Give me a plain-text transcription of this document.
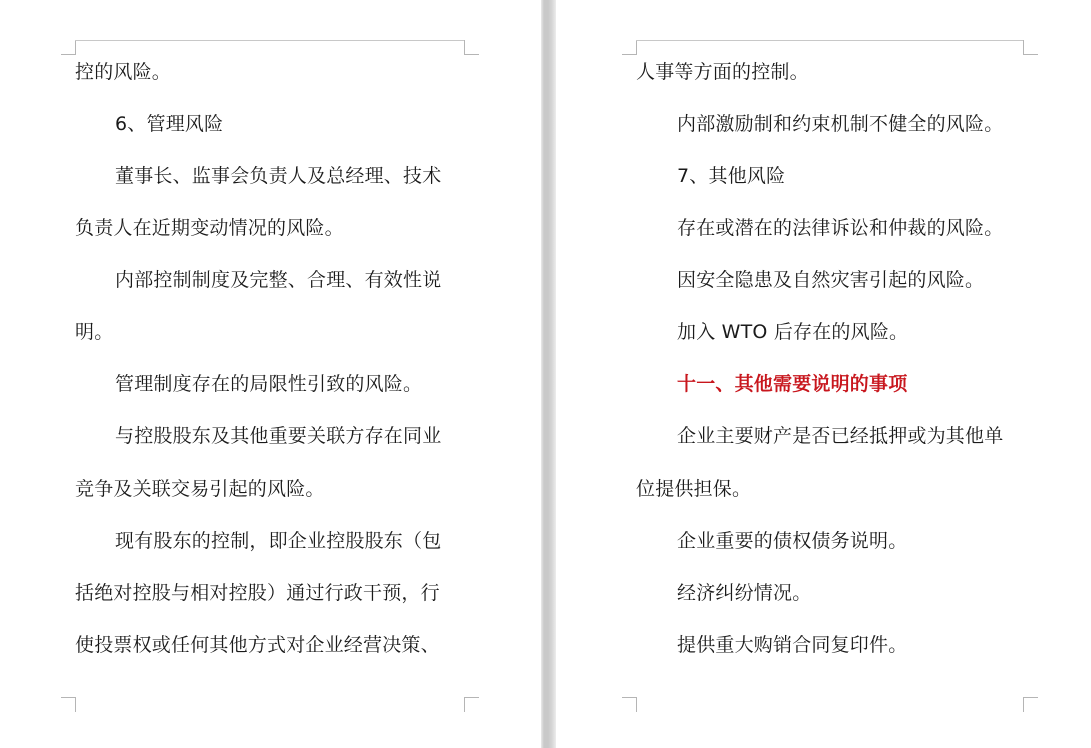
控的风险。
6、管理风险
董事长、监事会负责人及总经理、技术
负责人在近期变动情况的风险。
内部控制制度及完整、合理、有效性说
明。
管理制度存在的局限性引致的风险。
与控股股东及其他重要关联方存在同业
竞争及关联交易引起的风险。
现有股东的控制，即企业控股股东（包
括绝对控股与相对控股）通过行政干预，行
使投票权或任何其他方式对企业经营决策、
人事等方面的控制。
内部激励制和约束机制不健全的风险。
7、其他风险
存在或潜在的法律诉讼和仲裁的风险。
因安全隐患及自然灾害引起的风险。
加入 WTO 后存在的风险。
十一、其他需要说明的事项
企业主要财产是否已经抵押或为其他单
位提供担保。
企业重要的债权债务说明。
经济纠纷情况。
提供重大购销合同复印件。
